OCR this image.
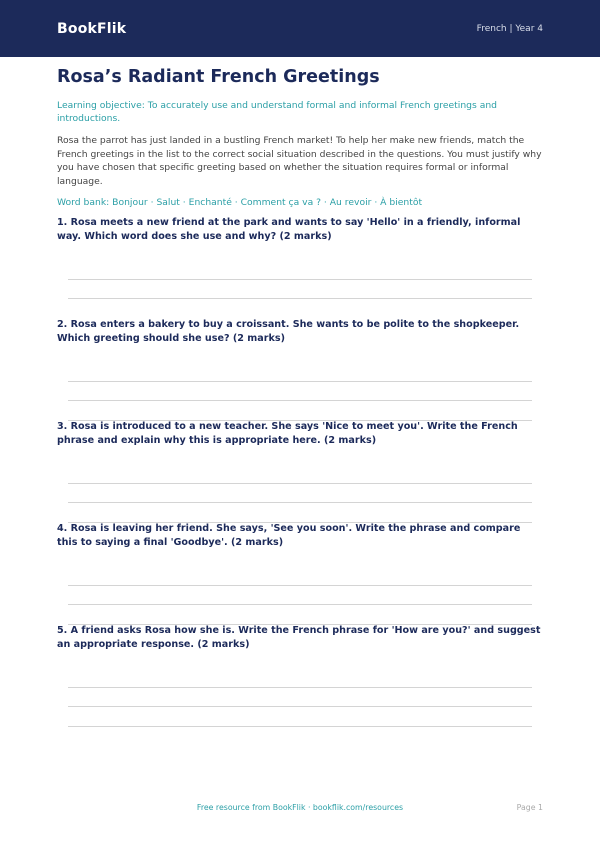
BookFlik	French | Year 4
Rosa’s Radiant French Greetings

Learning objective: To accurately use and understand formal and informal French greetings and introductions.

Rosa the parrot has just landed in a bustling French market! To help her make new friends, match the French greetings in the list to the correct social situation described in the questions. You must justify why you have chosen that specific greeting based on whether the situation requires formal or informal language.

Word bank: Bonjour · Salut · Enchanté · Comment ça va ? · Au revoir · À bientôt

1. Rosa meets a new friend at the park and wants to say 'Hello' in a friendly, informal way. Which word does she use and why? (2 marks)

2. Rosa enters a bakery to buy a croissant. She wants to be polite to the shopkeeper. Which greeting should she use? (2 marks)

3. Rosa is introduced to a new teacher. She says 'Nice to meet you'. Write the French phrase and explain why this is appropriate here. (2 marks)

4. Rosa is leaving her friend. She says, 'See you soon'. Write the phrase and compare this to saying a final 'Goodbye'. (2 marks)

5. A friend asks Rosa how she is. Write the French phrase for 'How are you?' and suggest an appropriate response. (2 marks)

Free resource from BookFlik · bookflik.com/resources	Page 1
